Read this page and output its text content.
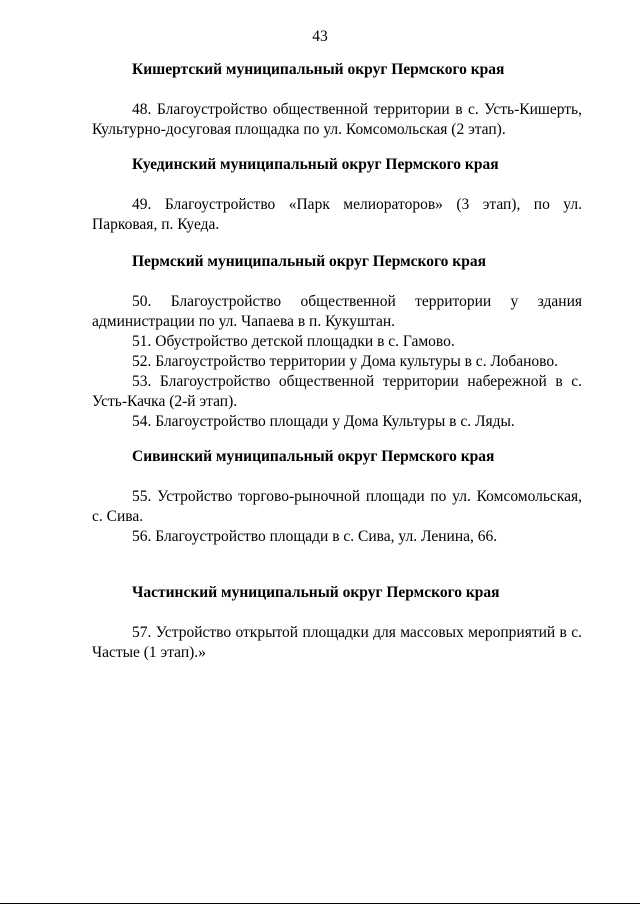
43

Кишертский муниципальный округ Пермского края

48. Благоустройство общественной территории в с. Усть-Кишерть, Культурно-досуговая площадка по ул. Комсомольская (2 этап).

Куединский муниципальный округ Пермского края

49. Благоустройство «Парк мелиораторов» (3 этап), по ул. Парковая, п. Куеда.

Пермский муниципальный округ Пермского края

50. Благоустройство общественной территории у здания администрации по ул. Чапаева в п. Кукуштан.

51. Обустройство детской площадки в с. Гамово.

52. Благоустройство территории у Дома культуры в с. Лобаново.

53. Благоустройство общественной территории набережной в с. Усть-Качка (2-й этап).

54. Благоустройство площади у Дома Культуры в с. Ляды.

Сивинский муниципальный округ Пермского края

55. Устройство торгово-рыночной площади по ул. Комсомольская, с. Сива.

56. Благоустройство площади в с. Сива, ул. Ленина, 66.

Частинский муниципальный округ Пермского края

57. Устройство открытой площадки для массовых мероприятий в с. Частые (1 этап).»
